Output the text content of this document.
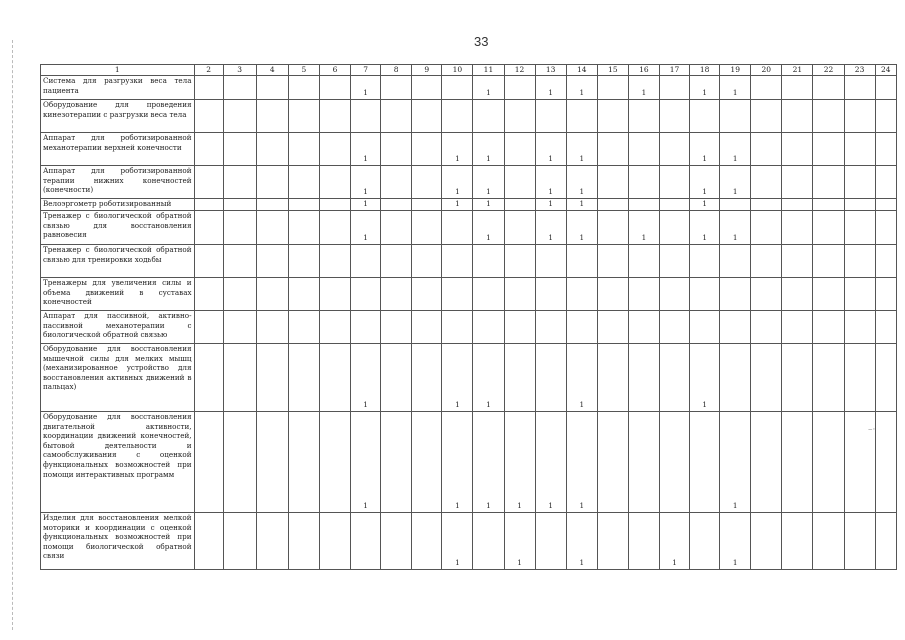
33
1	2	3	4	5	6	7	8	9	10	11	12	13	14	15	16	17	18	19	20	21	22	23	24
Система для разгрузки веса тела пациента						1				1		1	1		1		1	1					
Оборудование для проведения кинезотерапии с разгрузки веса тела																							
Аппарат для роботизированной механотерапии верхней конечности						1			1	1		1	1				1	1					
Аппарат для роботизированной терапии нижних конечностей (конечности)						1			1	1		1	1				1	1					
Велоэргометр роботизированный						1			1	1		1	1				1						
Тренажер с биологической обратной связью для восстановления равновесия						1				1		1	1		1		1	1					
Тренажер с биологической обратной связью для тренировки ходьбы																							
Тренажеры для увеличения силы и объема движений в суставах конечностей																							
Аппарат для пассивной, активно-пассивной механотерапии с биологической обратной связью																							
Оборудование для восстановления мышечной силы для мелких мышц (механизированное устройство для восстановления активных движений в пальцах)						1			1	1			1				1						
Оборудование для восстановления двигательной активности, координации движений конечностей, бытовой деятельности и самообслуживания с оценкой функциональных возможностей при помощи интерактивных программ						1			1	1	1	1	1					1					
Изделия для восстановления мелкой моторики и координации с оценкой функциональных возможностей при помощи биологической обратной связи									1		1		1			1		1					
–·
